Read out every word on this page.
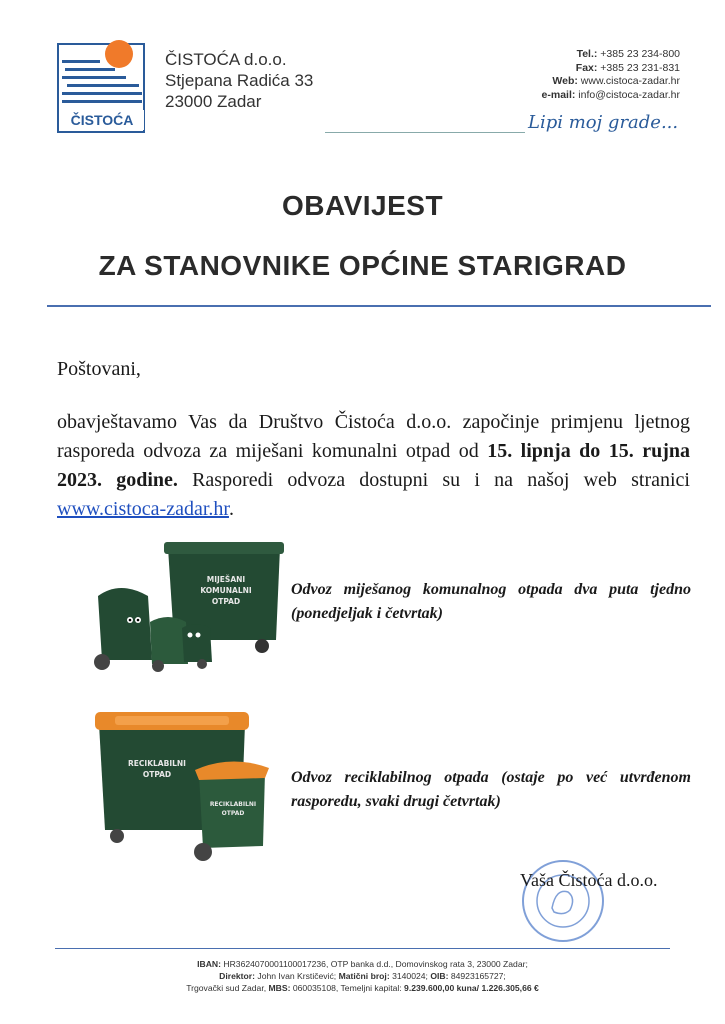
ČISTOĆA
ČISTOĆA d.o.o.
Stjepana Radića 33
23000 Zadar
Tel.: +385 23 234-800
Fax: +385 23 231-831
Web: www.cistoca-zadar.hr
e-mail: info@cistoca-zadar.hr
Lipi moj grade...
OBAVIJEST
ZA STANOVNIKE OPĆINE STARIGRAD
Poštovani,
obavještavamo Vas da Društvo Čistoća d.o.o. započinje primjenu ljetnog rasporeda odvoza za miješani komunalni otpad od 15. lipnja do 15. rujna 2023. godine. Rasporedi odvoza dostupni su i na našoj web stranici www.cistoca-zadar.hr.
MIJEŠANI
KOMUNALNI
OTPAD
Odvoz miješanog komunalnog otpada dva puta tjedno (ponedjeljak i četvrtak)
RECIKLABILNI
OTPAD
RECIKLABILNI
OTPAD
Odvoz reciklabilnog otpada (ostaje po već utvrđenom rasporedu, svaki drugi četvrtak)
Vaša Čistoća d.o.o.
IBAN: HR3624070001100017236, OTP banka d.d., Domovinskog rata 3, 23000 Zadar;
Direktor: John Ivan Krstičević; Matični broj: 3140024; OIB: 84923165727;
Trgovački sud Zadar, MBS: 060035108, Temeljni kapital: 9.239.600,00 kuna/ 1.226.305,66 €
